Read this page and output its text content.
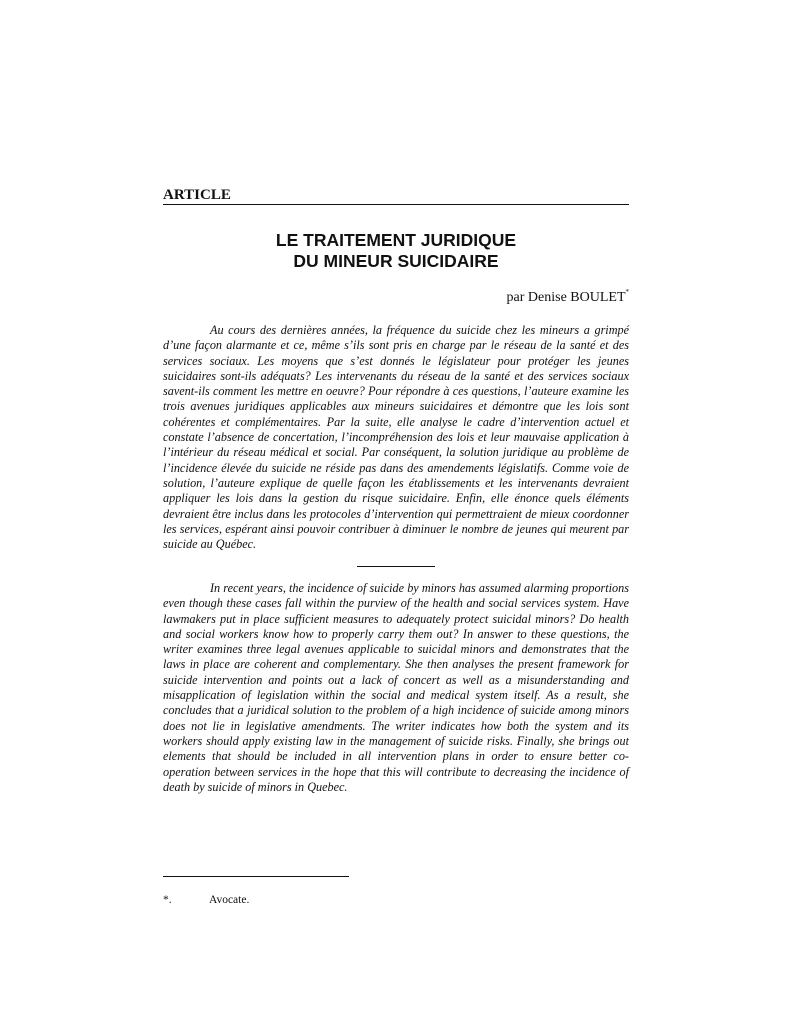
ARTICLE
LE TRAITEMENT JURIDIQUE
DU MINEUR SUICIDAIRE
par Denise BOULET*

Au cours des dernières années, la fréquence du suicide chez les mineurs a grimpé d’une façon alarmante et ce, même s’ils sont pris en charge par le réseau de la santé et des services sociaux. Les moyens que s’est donnés le législateur pour protéger les jeunes suicidaires sont-ils adéquats? Les intervenants du réseau de la santé et des services sociaux savent-ils comment les mettre en oeuvre? Pour répondre à ces questions, l’auteure examine les trois avenues juridiques applicables aux mineurs suicidaires et démontre que les lois sont cohérentes et complémentaires. Par la suite, elle analyse le cadre d’intervention actuel et constate l’absence de concertation, l’incompréhension des lois et leur mauvaise application à l’intérieur du réseau médical et social. Par conséquent, la solution juridique au problème de l’incidence élevée du suicide ne réside pas dans des amendements législatifs. Comme voie de solution, l’auteure explique de quelle façon les établissements et les intervenants devraient appliquer les lois dans la gestion du risque suicidaire. Enfin, elle énonce quels éléments devraient être inclus dans les protocoles d’intervention qui permettraient de mieux coordonner les services, espérant ainsi pouvoir contribuer à diminuer le nombre de jeunes qui meurent par suicide au Québec.

In recent years, the incidence of suicide by minors has assumed alarming proportions even though these cases fall within the purview of the health and social services system. Have lawmakers put in place sufficient measures to adequately protect suicidal minors? Do health and social workers know how to properly carry them out? In answer to these questions, the writer examines three legal avenues applicable to suicidal minors and demonstrates that the laws in place are coherent and complementary. She then analyses the present framework for suicide intervention and points out a lack of concert as well as a misunderstanding and misapplication of legislation within the social and medical system itself. As a result, she concludes that a juridical solution to the problem of a high incidence of suicide among minors does not lie in legislative amendments. The writer indicates how both the system and its workers should apply existing law in the management of suicide risks. Finally, she brings out elements that should be included in all intervention plans in order to ensure better co-operation between services in the hope that this will contribute to decreasing the incidence of death by suicide of minors in Quebec.

*.	Avocate.
